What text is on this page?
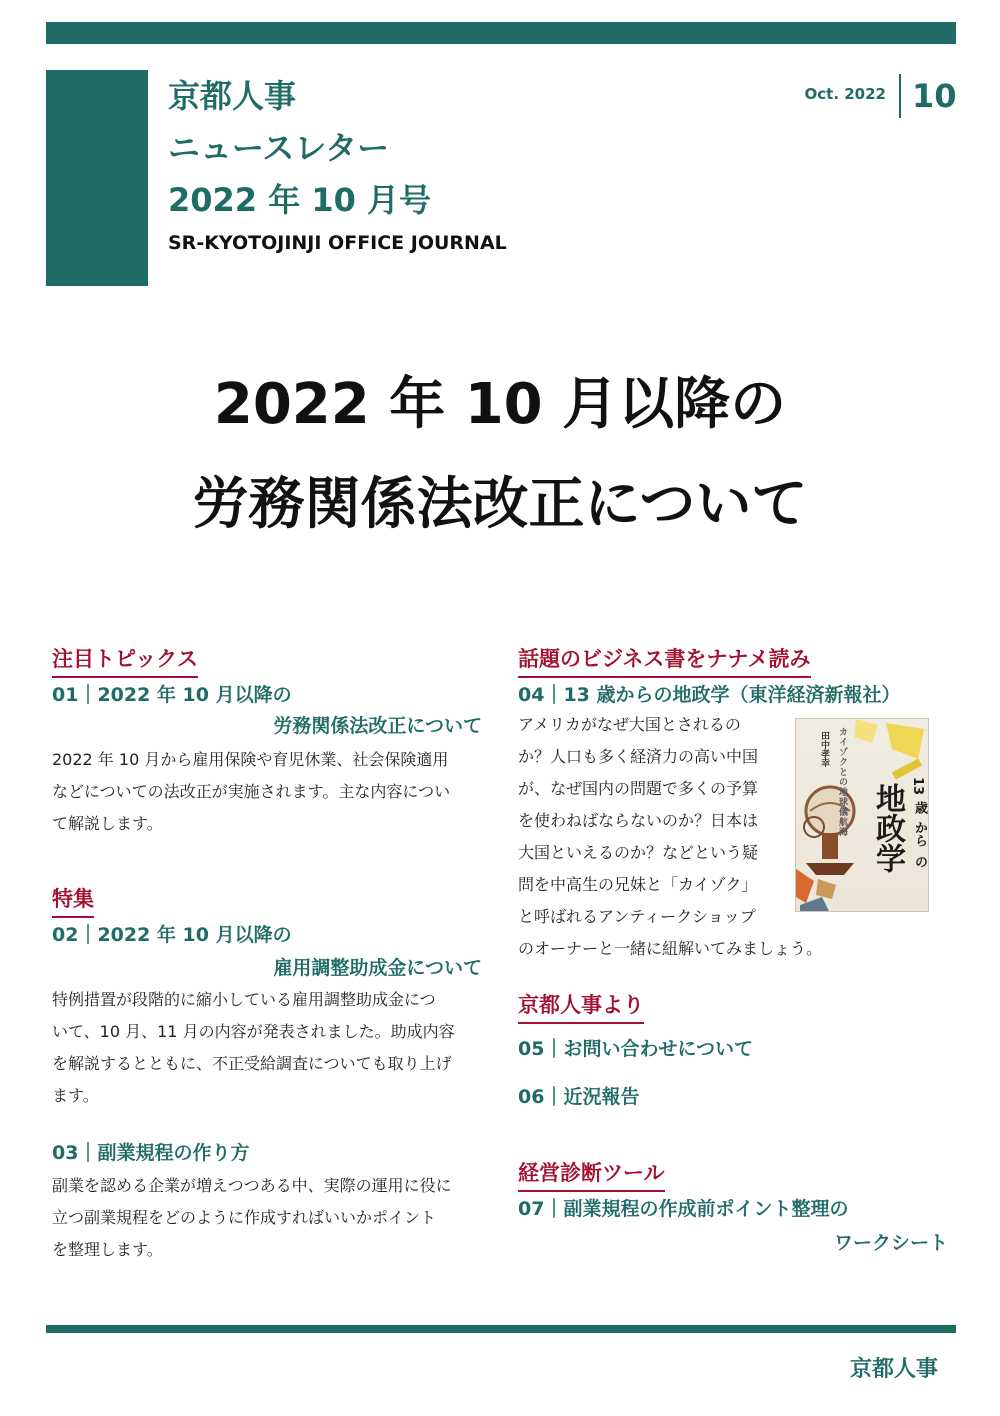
京都人事
ニュースレター
2022 年 10 月号
SR-KYOTOJINJI OFFICE JOURNAL
Oct. 2022 10
2022 年 10 月以降の
労務関係法改正について
注目トピックス
01｜2022 年 10 月以降の
労務関係法改正について
2022 年 10 月から雇用保険や育児休業、社会保険適用
などについての法改正が実施されます。主な内容につい
て解説します。
特集
02｜2022 年 10 月以降の
雇用調整助成金について
特例措置が段階的に縮小している雇用調整助成金につ
いて、10 月、11 月の内容が発表されました。助成内容
を解説するとともに、不正受給調査についても取り上げ
ます。
03｜副業規程の作り方
副業を認める企業が増えつつある中、実際の運用に役に
立つ副業規程をどのように作成すればいいかポイント
を整理します。
話題のビジネス書をナナメ読み
04｜13 歳からの地政学（東洋経済新報社）
アメリカがなぜ大国とされるの
か？人口も多く経済力の高い中国
が、なぜ国内の問題で多くの予算
を使わねばならないのか？日本は
大国といえるのか？などという疑
問を中高生の兄妹と「カイゾク」
と呼ばれるアンティークショップ
のオーナーと一緒に紐解いてみましょう。
カイゾクとの地球儀航海
田中孝幸
13
歳
から
の
地政学
京都人事より
05｜お問い合わせについて
06｜近況報告
経営診断ツール
07｜副業規程の作成前ポイント整理の
ワークシート
京都人事
